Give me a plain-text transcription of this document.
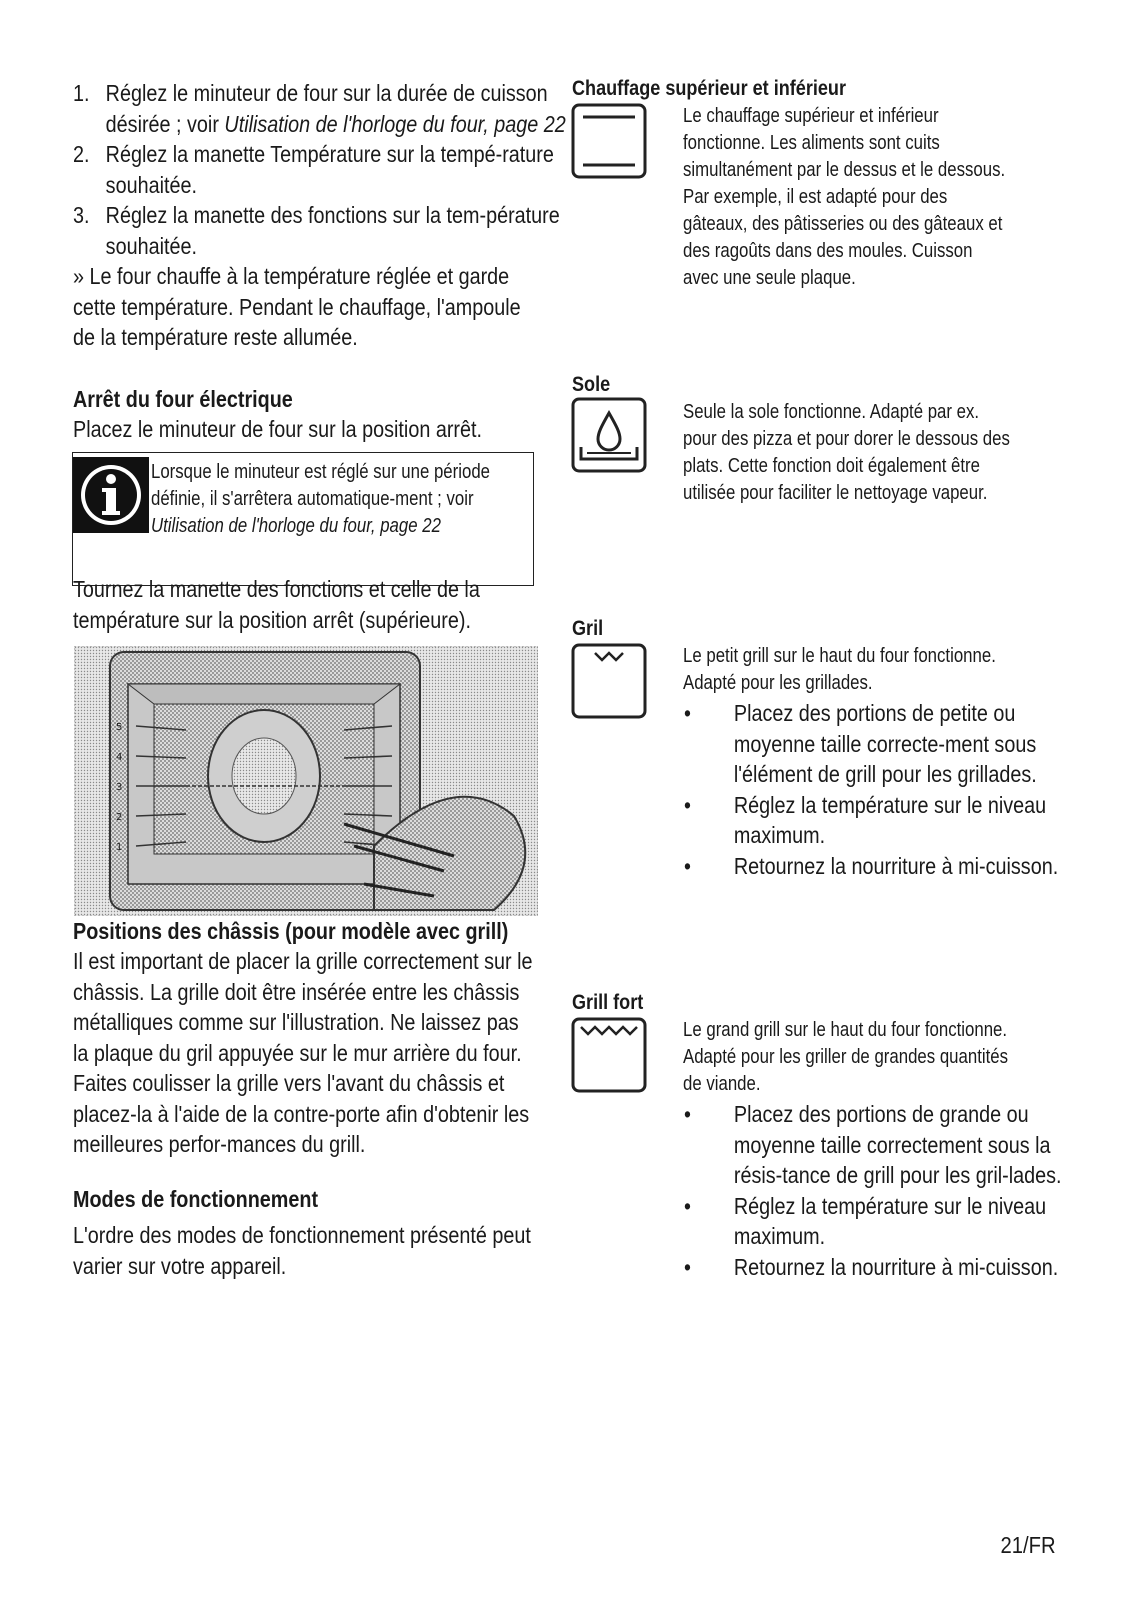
1. Réglez le minuteur de four sur la durée de cuisson désirée ; voir Utilisation de l'horloge du four, page 22
2. Réglez la manette Température sur la tempé-rature souhaitée.
3. Réglez la manette des fonctions sur la tem-pérature souhaitée.

» Le four chauffe à la température réglée et garde cette température. Pendant le chauffage, l'ampoule de la température reste allumée.

Arrêt du four électrique

Placez le minuteur de four sur la position arrêt.

Lorsque le minuteur est réglé sur une période définie, il s'arrêtera automatique-ment ; voir Utilisation de l'horloge du four, page 22

Tournez la manette des fonctions et celle de la température sur la position arrêt (supérieure).

5
4
3
2
1

Positions des châssis (pour modèle avec grill)

Il est important de placer la grille correctement sur le châssis. La grille doit être insérée entre les châssis métalliques comme sur l'illustration. Ne laissez pas la plaque du gril appuyée sur le mur arrière du four. Faites coulisser la grille vers l'avant du châssis et placez-la à l'aide de la contre-porte afin d'obtenir les meilleures perfor-mances du grill.

Modes de fonctionnement

L'ordre des modes de fonctionnement présenté peut varier sur votre appareil.

Chauffage supérieur et inférieur

Le chauffage supérieur et inférieur fonctionne. Les aliments sont cuits simultanément par le dessus et le dessous. Par exemple, il est adapté pour des gâteaux, des pâtisseries ou des gâteaux et des ragoûts dans des moules. Cuisson avec une seule plaque.

Sole

Seule la sole fonctionne. Adapté par ex. pour des pizza et pour dorer le dessous des plats. Cette fonction doit également être utilisée pour faciliter le nettoyage vapeur.

Gril

Le petit grill sur le haut du four fonctionne. Adapté pour les grillades.
• Placez des portions de petite ou moyenne taille correcte-ment sous l'élément de grill pour les grillades.
• Réglez la température sur le niveau maximum.
• Retournez la nourriture à mi-cuisson.

Grill fort

Le grand grill sur le haut du four fonctionne. Adapté pour les griller de grandes quantités de viande.
• Placez des portions de grande ou moyenne taille correctement sous la résis-tance de grill pour les gril-lades.
• Réglez la température sur le niveau maximum.
• Retournez la nourriture à mi-cuisson.
21/FR
